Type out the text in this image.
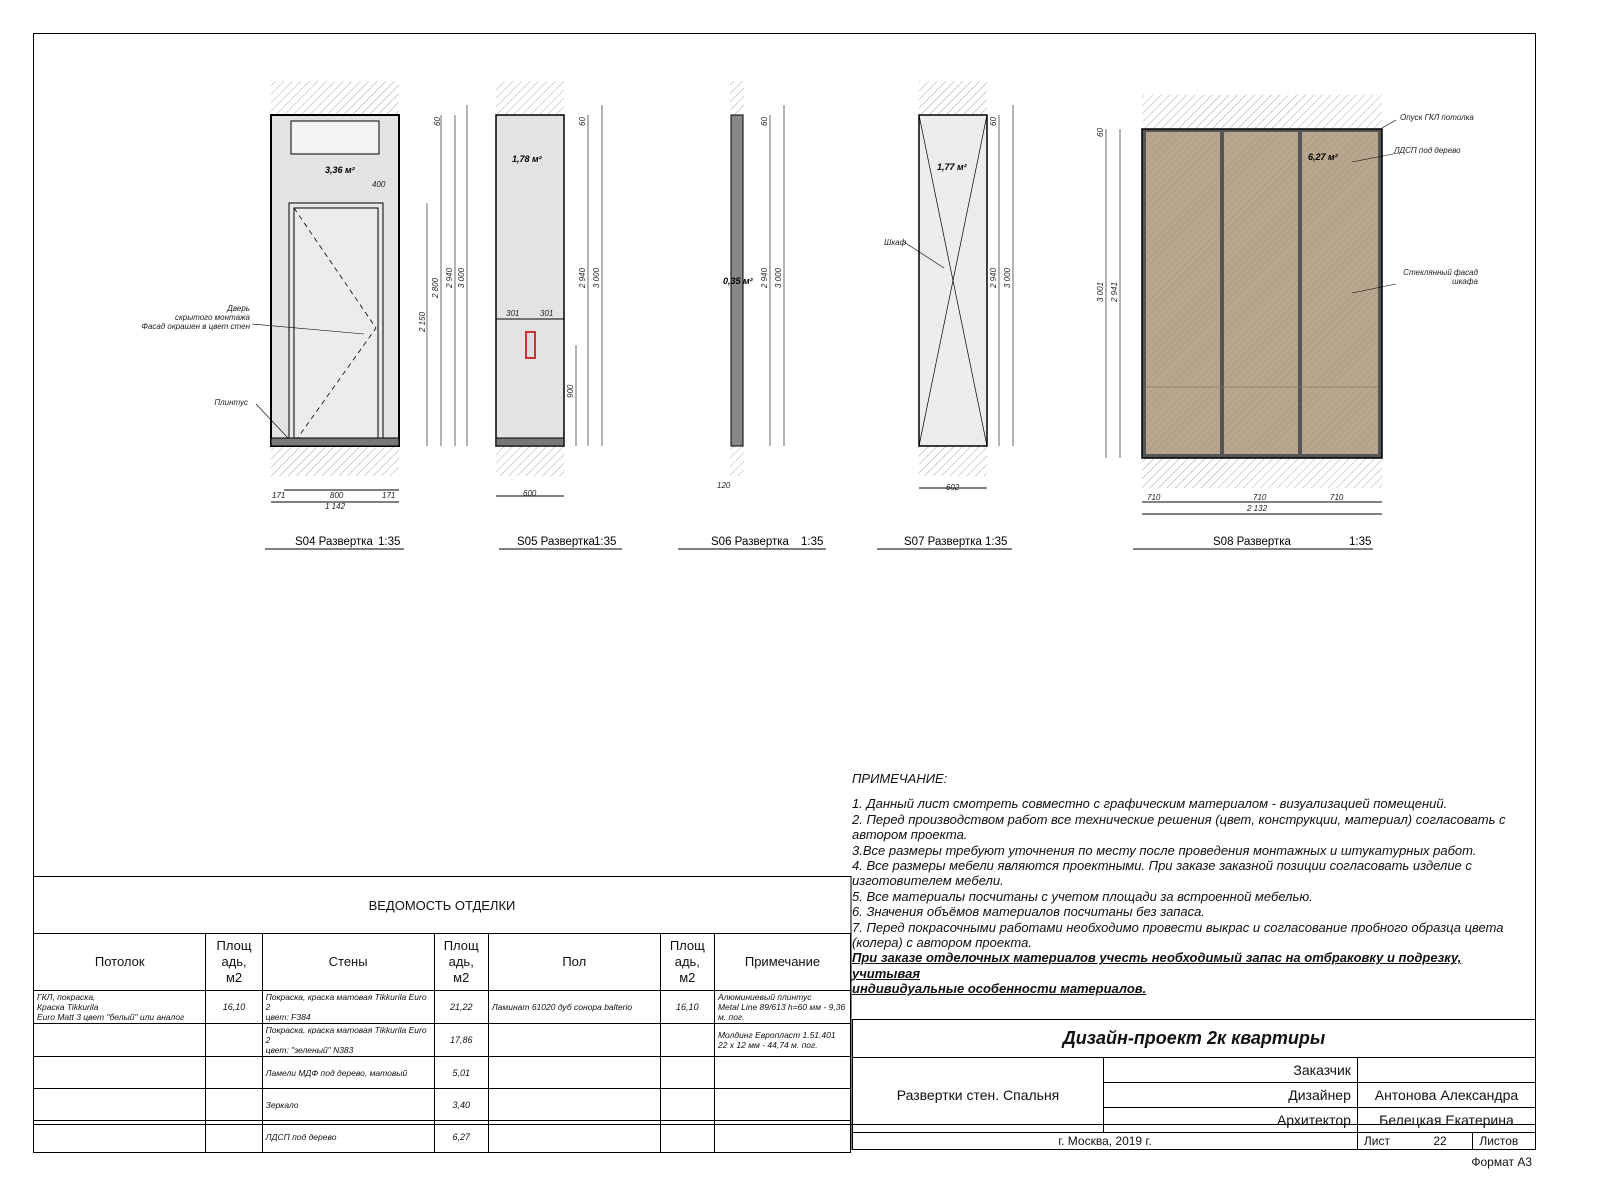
3,36 м²
1,78 м²
0,35 м²
1,77 м²
6,27 м²
171	800	171
1 142
400
600
301	301
120	602
710	710	710
2 132
60
2 800 2 940 3 000
2 150
60
2 940 3 000
900
60
2 940 3 000
60
2 940 3 000
60
3 001 2 941
Дверь
скрытого монтажа
Фасад окрашен в цвет стен
Плинтус
Шкаф
Опуск ГКЛ потолка
ЛДСП под дерево
Стеклянный фасад
шкафа
S04 Развертка 1:35	S05 Развертка 1:35	S06 Развертка 1:35	S07 Развертка 1:35	S08 Развертка	1:35
ПРИМЕЧАНИЕ:
1. Данный лист смотреть совместно с графическим материалом - визуализацией помещений.
2. Перед производством работ все технические решения (цвет, конструкции, материал) согласовать с
автором проекта.
3.Все размеры требуют уточнения по месту после проведения монтажных и штукатурных работ.
4. Все размеры мебели являются проектными. При заказе заказной позиции согласовать изделие с
изготовителем мебели.
5. Все материалы посчитаны с учетом площади за встроенной мебелью.
6. Значения объёмов материалов посчитаны без запаса.
7. Перед покрасочными работами необходимо провести выкрас и согласование пробного образца цвета
(колера) с автором проекта.
При заказе отделочных материалов учесть необходимый запас на отбраковку и подрезку, учитывая
индивидуальные особенности материалов.
ВЕДОМОСТЬ ОТДЕЛКИ
Потолок	Площ
адь,
м2	Стены	Площ
адь,
м2	Пол	Площ
адь,
м2	Примечание
ГКЛ, покраска,
Краска Tikkurila
Euro Matt 3 цвет "белый" или аналог	16,10	Покраска, краска матовая Tikkurila Euro 2
цвет: F384	21,22	Ламинат 61020 дуб сонора balterio	16,10	Алюминиевый плинтус
Metal Line 89/613 h=60 мм - 9,36
м. пог.
		Покраска, краска матовая Tikkurila Euro 2
цвет: "зеленый" N383	17,86			Молдинг Европласт 1.51.401
22 х 12 мм - 44,74 м. пог.
		Ламели МДФ под дерево, матовый	5,01			
		Зеркало	3,40			
		ЛДСП под дерево	6,27			
Дизайн-проект 2к квартиры			
Развертки стен. Спальня	Заказчик		
	Дизайнер	Антонова Александра	
	Архитектор	Белецкая Екатерина	
г. Москва, 2019 г.		Лист 22	Листов
Формат А3
